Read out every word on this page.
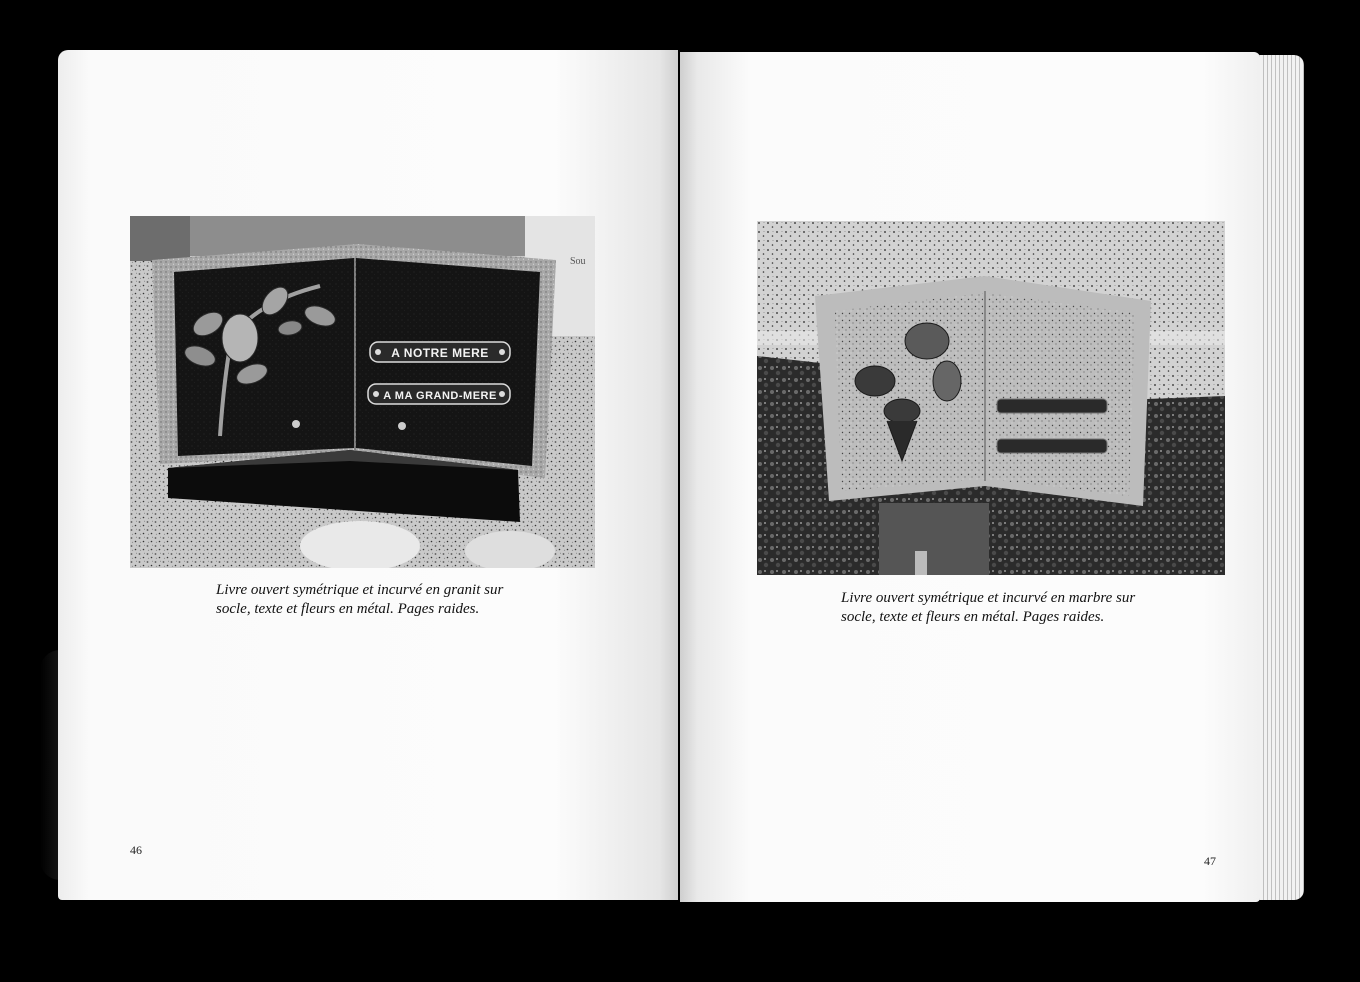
Sou
A NOTRE MERE
A MA GRAND-MERE

Livre ouvert symétrique et incurvé en granit sur socle, texte et fleurs en métal. Pages raides.

46

Livre ouvert symétrique et incurvé en marbre sur socle, texte et fleurs en métal. Pages raides.

47
